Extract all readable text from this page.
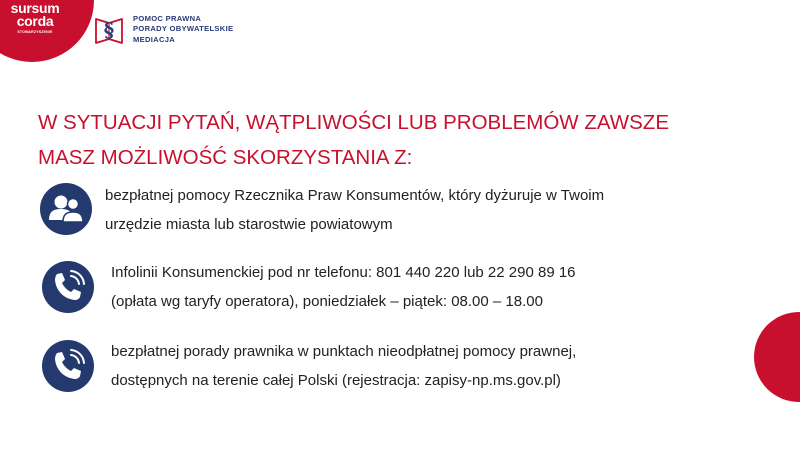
sursum
corda
STOWARZYSZENIE	§ POMOC PRAWNA
PORADY OBYWATELSKIE
MEDIACJA
W SYTUACJI PYTAŃ, WĄTPLIWOŚCI LUB PROBLEMÓW ZAWSZE
MASZ MOŻLIWOŚĆ SKORZYSTANIA Z:
bezpłatnej pomocy Rzecznika Praw Konsumentów, który dyżuruje w Twoim
urzędzie miasta lub starostwie powiatowym
Infolinii Konsumenckiej pod nr telefonu: 801 440 220 lub 22 290 89 16
(opłata wg taryfy operatora), poniedziałek – piątek: 08.00 – 18.00
bezpłatnej porady prawnika w punktach nieodpłatnej pomocy prawnej,
dostępnych na terenie całej Polski (rejestracja: zapisy-np.ms.gov.pl)
